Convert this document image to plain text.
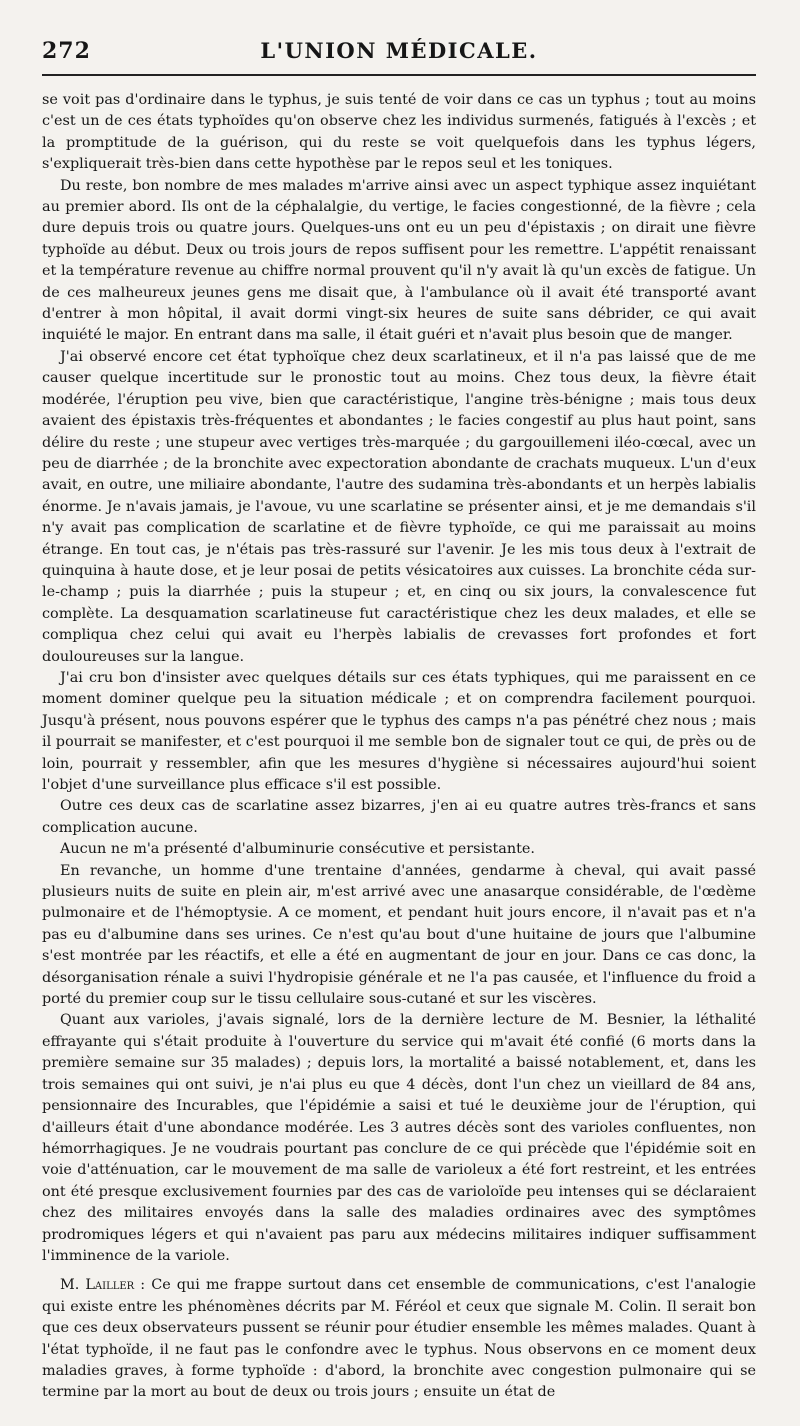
272	L'UNION MÉDICALE.

se voit pas d'ordinaire dans le typhus, je suis tenté de voir dans ce cas un typhus ; tout au moins c'est un de ces états typhoïdes qu'on observe chez les individus surmenés, fatigués à l'excès ; et la promptitude de la guérison, qui du reste se voit quelquefois dans les typhus légers, s'expliquerait très-bien dans cette hypothèse par le repos seul et les toniques.

Du reste, bon nombre de mes malades m'arrive ainsi avec un aspect typhique assez inquiétant au premier abord. Ils ont de la céphalalgie, du vertige, le facies congestionné, de la fièvre ; cela dure depuis trois ou quatre jours. Quelques-uns ont eu un peu d'épistaxis ; on dirait une fièvre typhoïde au début. Deux ou trois jours de repos suffisent pour les remettre. L'appétit renaissant et la température revenue au chiffre normal prouvent qu'il n'y avait là qu'un excès de fatigue. Un de ces malheureux jeunes gens me disait que, à l'ambulance où il avait été transporté avant d'entrer à mon hôpital, il avait dormi vingt-six heures de suite sans débrider, ce qui avait inquiété le major. En entrant dans ma salle, il était guéri et n'avait plus besoin que de manger.

J'ai observé encore cet état typhoïque chez deux scarlatineux, et il n'a pas laissé que de me causer quelque incertitude sur le pronostic tout au moins. Chez tous deux, la fièvre était modérée, l'éruption peu vive, bien que caractéristique, l'angine très-bénigne ; mais tous deux avaient des épistaxis très-fréquentes et abondantes ; le facies congestif au plus haut point, sans délire du reste ; une stupeur avec vertiges très-marquée ; du gargouillemeni iléo-cœcal, avec un peu de diarrhée ; de la bronchite avec expectoration abondante de crachats muqueux. L'un d'eux avait, en outre, une miliaire abondante, l'autre des sudamina très-abondants et un herpès labialis énorme. Je n'avais jamais, je l'avoue, vu une scarlatine se présenter ainsi, et je me demandais s'il n'y avait pas complication de scarlatine et de fièvre typhoïde, ce qui me paraissait au moins étrange. En tout cas, je n'étais pas très-rassuré sur l'avenir. Je les mis tous deux à l'extrait de quinquina à haute dose, et je leur posai de petits vésicatoires aux cuisses. La bronchite céda sur-le-champ ; puis la diarrhée ; puis la stupeur ; et, en cinq ou six jours, la convalescence fut complète. La desquamation scarlatineuse fut caractéristique chez les deux malades, et elle se compliqua chez celui qui avait eu l'herpès labialis de crevasses fort profondes et fort douloureuses sur la langue.

J'ai cru bon d'insister avec quelques détails sur ces états typhiques, qui me paraissent en ce moment dominer quelque peu la situation médicale ; et on comprendra facilement pourquoi. Jusqu'à présent, nous pouvons espérer que le typhus des camps n'a pas pénétré chez nous ; mais il pourrait se manifester, et c'est pourquoi il me semble bon de signaler tout ce qui, de près ou de loin, pourrait y ressembler, afin que les mesures d'hygiène si nécessaires aujourd'hui soient l'objet d'une surveillance plus efficace s'il est possible.

Outre ces deux cas de scarlatine assez bizarres, j'en ai eu quatre autres très-francs et sans complication aucune.

Aucun ne m'a présenté d'albuminurie consécutive et persistante.

En revanche, un homme d'une trentaine d'années, gendarme à cheval, qui avait passé plusieurs nuits de suite en plein air, m'est arrivé avec une anasarque considérable, de l'œdème pulmonaire et de l'hémoptysie. A ce moment, et pendant huit jours encore, il n'avait pas et n'a pas eu d'albumine dans ses urines. Ce n'est qu'au bout d'une huitaine de jours que l'albumine s'est montrée par les réactifs, et elle a été en augmentant de jour en jour. Dans ce cas donc, la désorganisation rénale a suivi l'hydropisie générale et ne l'a pas causée, et l'influence du froid a porté du premier coup sur le tissu cellulaire sous-cutané et sur les viscères.

Quant aux varioles, j'avais signalé, lors de la dernière lecture de M. Besnier, la léthalité effrayante qui s'était produite à l'ouverture du service qui m'avait été confié (6 morts dans la première semaine sur 35 malades) ; depuis lors, la mortalité a baissé notablement, et, dans les trois semaines qui ont suivi, je n'ai plus eu que 4 décès, dont l'un chez un vieillard de 84 ans, pensionnaire des Incurables, que l'épidémie a saisi et tué le deuxième jour de l'éruption, qui d'ailleurs était d'une abondance modérée. Les 3 autres décès sont des varioles confluentes, non hémorrhagiques. Je ne voudrais pourtant pas conclure de ce qui précède que l'épidémie soit en voie d'atténuation, car le mouvement de ma salle de varioleux a été fort restreint, et les entrées ont été presque exclusivement fournies par des cas de varioloïde peu intenses qui se déclaraient chez des militaires envoyés dans la salle des maladies ordinaires avec des symptômes prodromiques légers et qui n'avaient pas paru aux médecins militaires indiquer suffisamment l'imminence de la variole.

M. Lailler : Ce qui me frappe surtout dans cet ensemble de communications, c'est l'analogie qui existe entre les phénomènes décrits par M. Féréol et ceux que signale M. Colin. Il serait bon que ces deux observateurs pussent se réunir pour étudier ensemble les mêmes malades. Quant à l'état typhoïde, il ne faut pas le confondre avec le typhus. Nous observons en ce moment deux maladies graves, à forme typhoïde : d'abord, la bronchite avec congestion pulmonaire qui se termine par la mort au bout de deux ou trois jours ; ensuite un état de
